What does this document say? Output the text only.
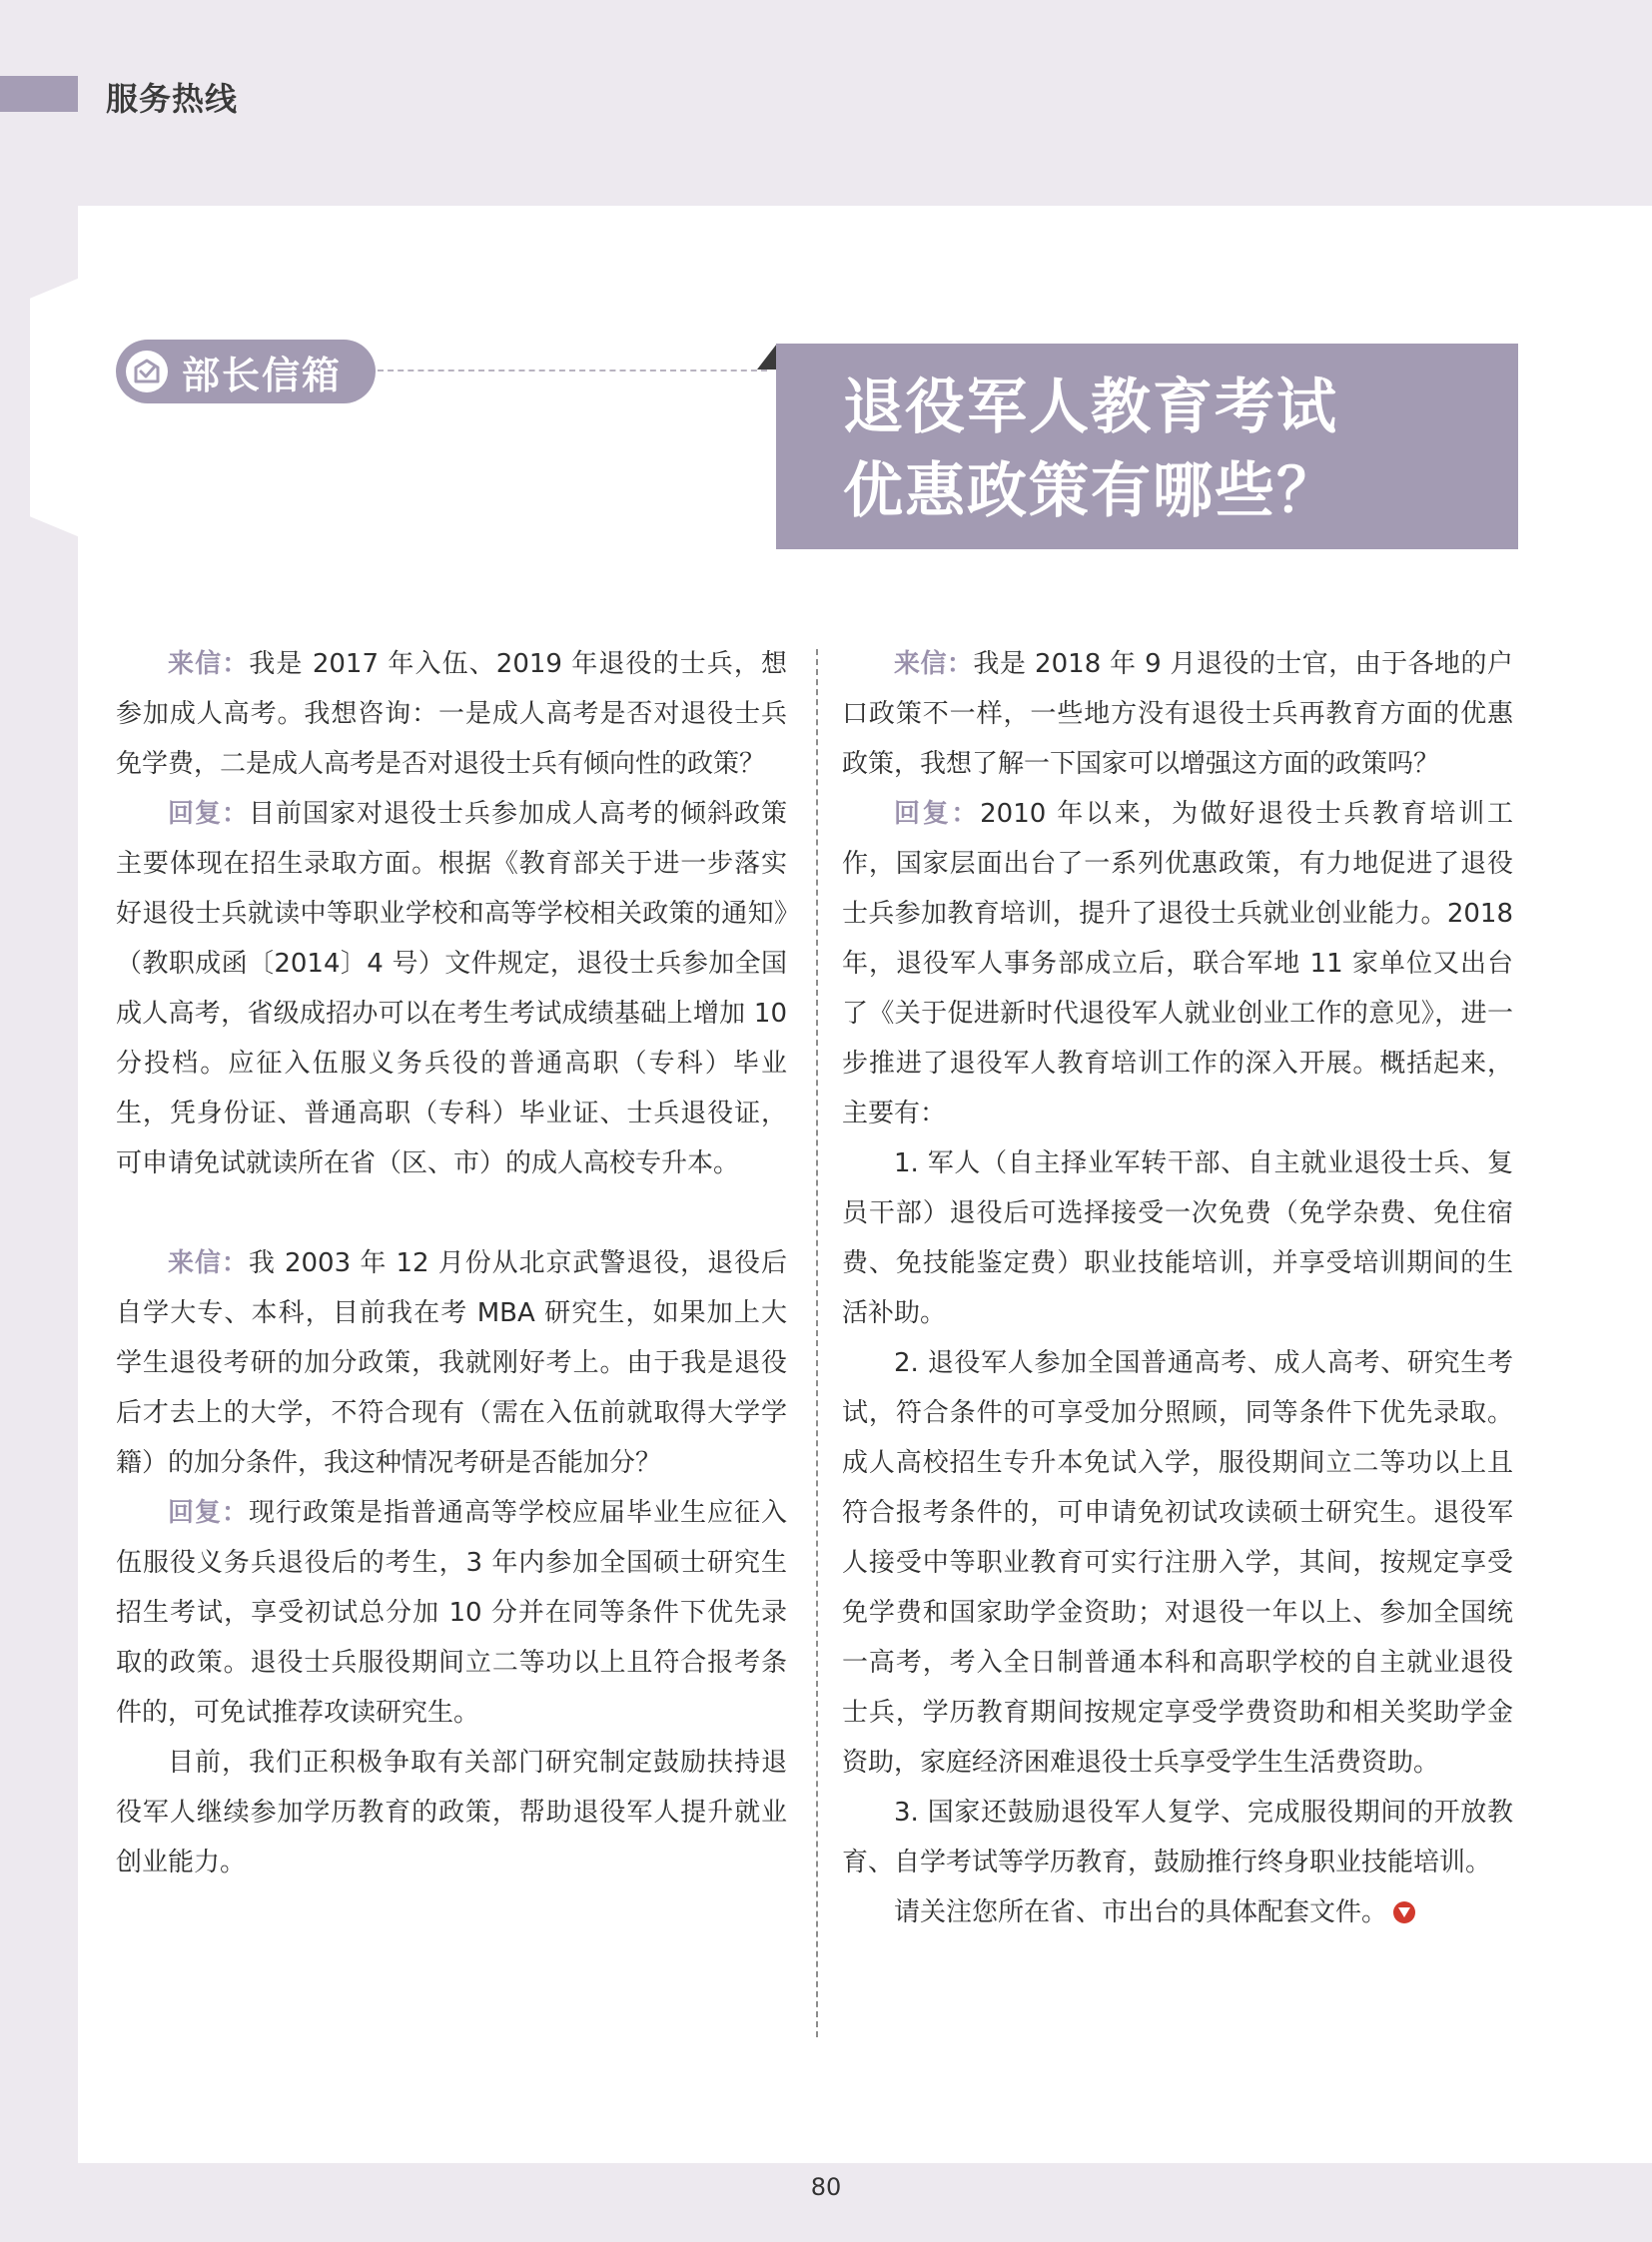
服务热线
部长信箱	退役军人教育考试
优惠政策有哪些？

来信：我是 2017 年入伍、2019 年退役的士兵，想参加成人高考。我想咨询：一是成人高考是否对退役士兵免学费，二是成人高考是否对退役士兵有倾向性的政策？

回复：目前国家对退役士兵参加成人高考的倾斜政策主要体现在招生录取方面。根据《教育部关于进一步落实好退役士兵就读中等职业学校和高等学校相关政策的通知》（教职成函〔2014〕4 号）文件规定，退役士兵参加全国成人高考，省级成招办可以在考生考试成绩基础上增加 10 分投档。应征入伍服义务兵役的普通高职（专科）毕业生，凭身份证、普通高职（专科）毕业证、士兵退役证，可申请免试就读所在省（区、市）的成人高校专升本。

来信：我 2003 年 12 月份从北京武警退役，退役后自学大专、本科，目前我在考 MBA 研究生，如果加上大学生退役考研的加分政策，我就刚好考上。由于我是退役后才去上的大学，不符合现有（需在入伍前就取得大学学籍）的加分条件，我这种情况考研是否能加分？

回复：现行政策是指普通高等学校应届毕业生应征入伍服役义务兵退役后的考生，3 年内参加全国硕士研究生招生考试，享受初试总分加 10 分并在同等条件下优先录取的政策。退役士兵服役期间立二等功以上且符合报考条件的，可免试推荐攻读研究生。

目前，我们正积极争取有关部门研究制定鼓励扶持退役军人继续参加学历教育的政策，帮助退役军人提升就业创业能力。

来信：我是 2018 年 9 月退役的士官，由于各地的户口政策不一样，一些地方没有退役士兵再教育方面的优惠政策，我想了解一下国家可以增强这方面的政策吗？

回复：2010 年以来，为做好退役士兵教育培训工作，国家层面出台了一系列优惠政策，有力地促进了退役士兵参加教育培训，提升了退役士兵就业创业能力。2018 年，退役军人事务部成立后，联合军地 11 家单位又出台了《关于促进新时代退役军人就业创业工作的意见》，进一步推进了退役军人教育培训工作的深入开展。概括起来，主要有：

1. 军人（自主择业军转干部、自主就业退役士兵、复员干部）退役后可选择接受一次免费（免学杂费、免住宿费、免技能鉴定费）职业技能培训，并享受培训期间的生活补助。

2. 退役军人参加全国普通高考、成人高考、研究生考试，符合条件的可享受加分照顾，同等条件下优先录取。成人高校招生专升本免试入学，服役期间立二等功以上且符合报考条件的，可申请免初试攻读硕士研究生。退役军人接受中等职业教育可实行注册入学，其间，按规定享受免学费和国家助学金资助；对退役一年以上、参加全国统一高考，考入全日制普通本科和高职学校的自主就业退役士兵，学历教育期间按规定享受学费资助和相关奖助学金资助，家庭经济困难退役士兵享受学生生活费资助。

3. 国家还鼓励退役军人复学、完成服役期间的开放教育、自学考试等学历教育，鼓励推行终身职业技能培训。

请关注您所在省、市出台的具体配套文件。

80
